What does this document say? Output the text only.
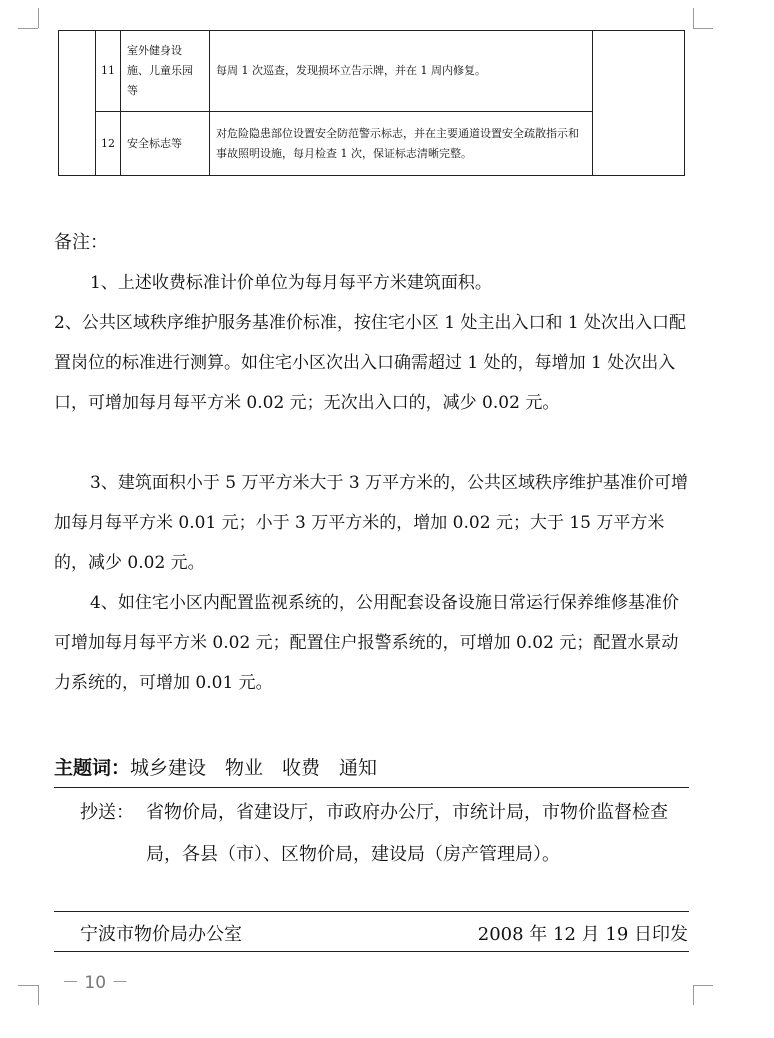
	11	室外健身设施、儿童乐园等	每周 1 次巡查，发现损坏立告示牌，并在 1 周内修复。	
	12	安全标志等	对危险隐患部位设置安全防范警示标志，并在主要通道设置安全疏散指示和事故照明设施，每月检查 1 次，保证标志清晰完整。	
备注：

1、上述收费标准计价单位为每月每平方米建筑面积。

2、公共区域秩序维护服务基准价标准，按住宅小区 1 处主出入口和 1 处次出入口配置岗位的标准进行测算。如住宅小区次出入口确需超过 1 处的，每增加 1 处次出入口，可增加每月每平方米 0.02 元；无次出入口的，减少 0.02 元。

3、建筑面积小于 5 万平方米大于 3 万平方米的，公共区域秩序维护基准价可增加每月每平方米 0.01 元；小于 3 万平方米的，增加 0.02 元；大于 15 万平方米的，减少 0.02 元。

4、如住宅小区内配置监视系统的，公用配套设备设施日常运行保养维修基准价可增加每月每平方米 0.02 元；配置住户报警系统的，可增加 0.02 元；配置水景动力系统的，可增加 0.01 元。

主题词：城乡建设　物业　收费　通知
抄送： 省物价局，省建设厅，市政府办公厅，市统计局，市物价监督检查局，各县（市）、区物价局，建设局（房产管理局）。

宁波市物价局办公室	2008 年 12 月 19 日印发
－ 10 －
